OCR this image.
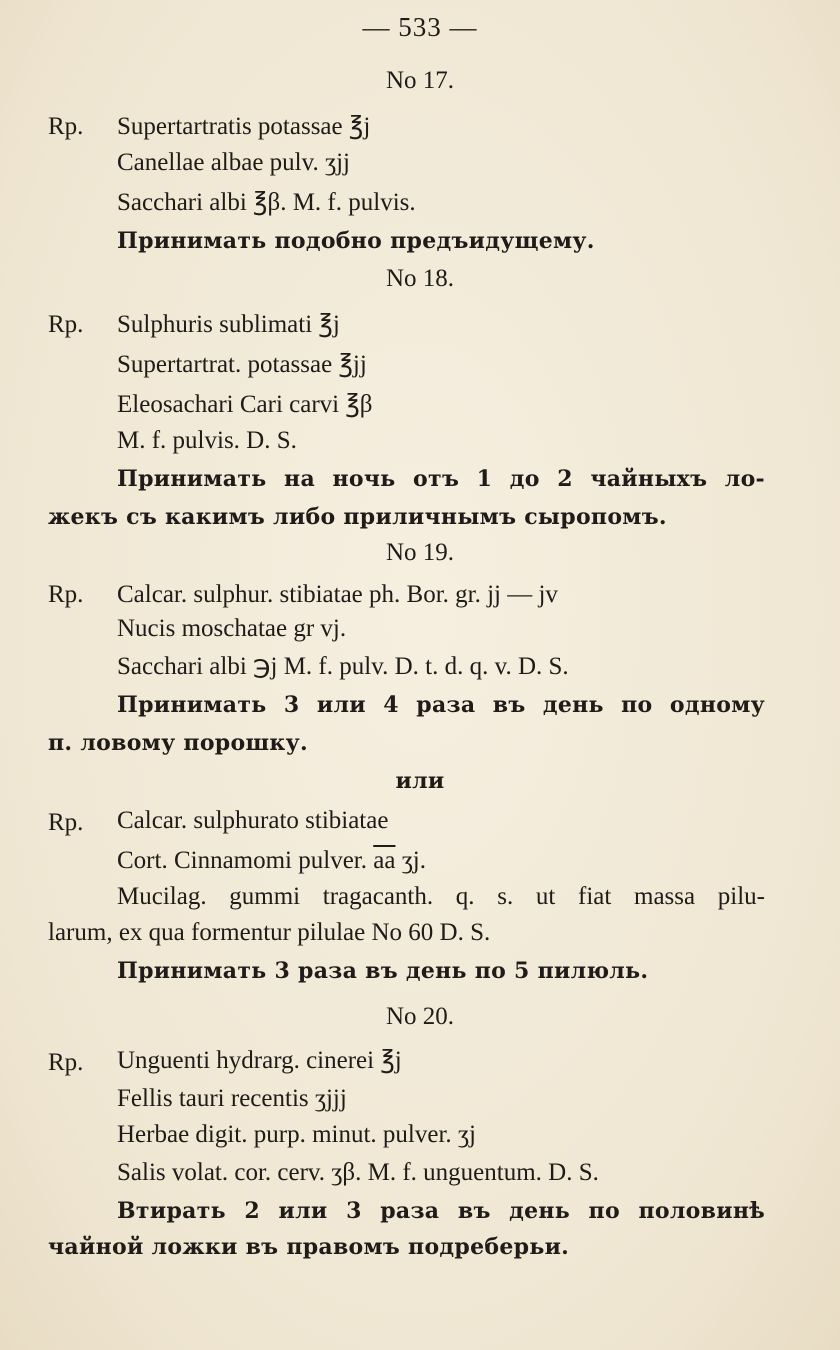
— 533 —
No 17.
Rp. Supertartratis potassae ℥j
Canellae albae pulv. ʒjj
Sacchari albi ℥β. M. f. pulvis.
Принимать подобно предъидущему.
No 18.
Rp. Sulphuris sublimati ℥j
Supertartrat. potassae ℥jj
Eleosachari Cari carvi ℥β
M. f. pulvis. D. S.
Принимать на ночь отъ 1 до 2 чайныхъ ло-
жекъ съ какимъ либо приличнымъ сыропомъ.
No 19.
Rp. Calcar. sulphur. stibiatae ph. Bor. gr. jj — jv
Nucis moschatae gr vj.
Sacchari albi ℈j M. f. pulv. D. t. d. q. v. D. S.
Принимать 3 или 4 раза въ день по одному
п. ловому порошку.
или
Rp. Calcar. sulphurato stibiatae
Cort. Cinnamomi pulver. $\overline{aa}$ ʒj.
Mucilag. gummi tragacanth. q. s. ut fiat massa pilu-
larum, ex qua formentur pilulae No 60 D. S.
Принимать 3 раза въ день по 5 пилюль.
No 20.
Rp. Unguenti hydrarg. cinerei ℥j
Fellis tauri recentis ʒjjj
Herbae digit. purp. minut. pulver. ʒj
Salis volat. cor. cerv. ʒβ. M. f. unguentum. D. S.
Втирать 2 или 3 раза въ день по половинѣ
чайной ложки въ правомъ подреберьи.
